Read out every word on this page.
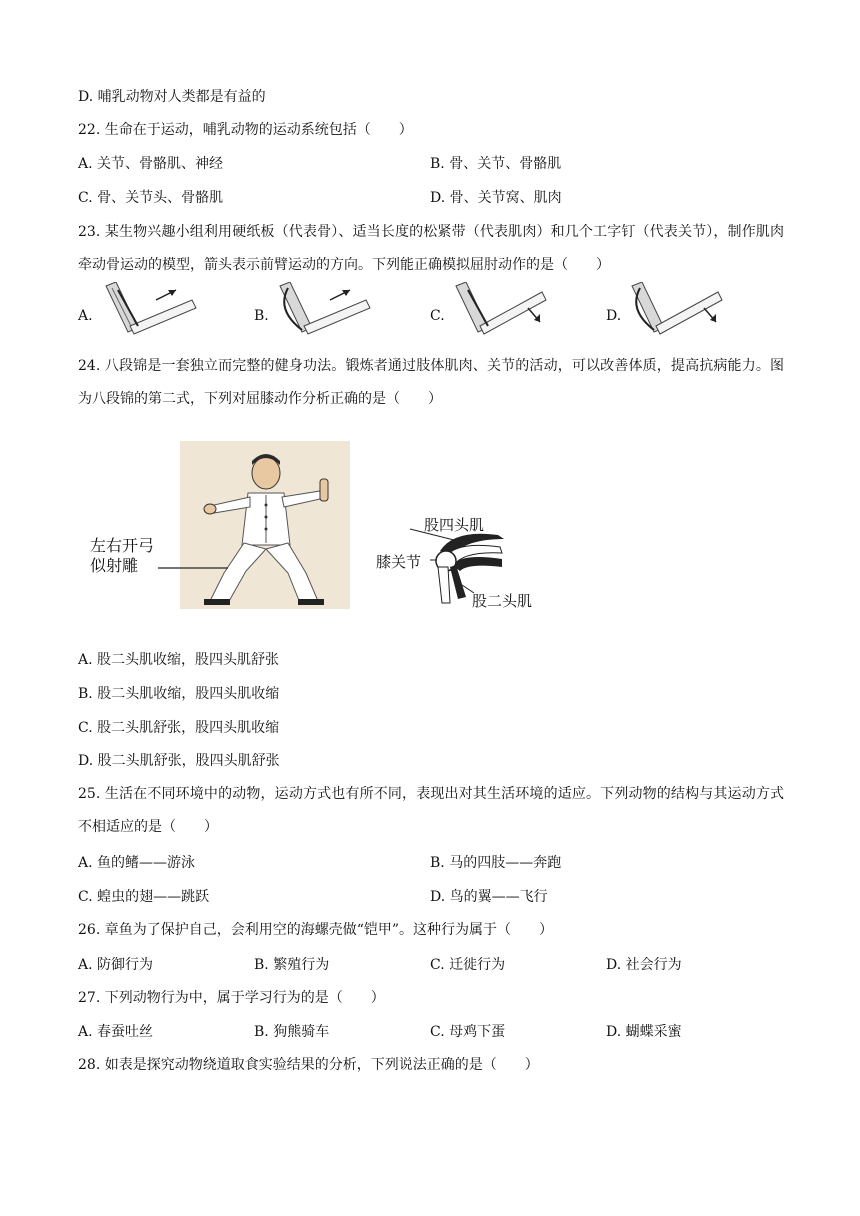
D. 哺乳动物对人类都是有益的
22. 生命在于运动，哺乳动物的运动系统包括（　　）
A. 关节、骨骼肌、神经	B. 骨、关节、骨骼肌
C. 骨、关节头、骨骼肌	D. 骨、关节窝、肌肉
23. 某生物兴趣小组利用硬纸板（代表骨）、适当长度的松紧带（代表肌肉）和几个工字钉（代表关节），制作肌肉牵动骨运动的模型，箭头表示前臂运动的方向。下列能正确模拟屈肘动作的是（　　）
A.	B.	C.	D.
24. 八段锦是一套独立而完整的健身功法。锻炼者通过肢体肌肉、关节的活动，可以改善体质，提高抗病能力。图为八段锦的第二式，下列对屈膝动作分析正确的是（　　）
左右开弓
似射雕
股四头肌
膝关节
股二头肌
A. 股二头肌收缩，股四头肌舒张
B. 股二头肌收缩，股四头肌收缩
C. 股二头肌舒张，股四头肌收缩
D. 股二头肌舒张，股四头肌舒张
25. 生活在不同环境中的动物，运动方式也有所不同，表现出对其生活环境的适应。下列动物的结构与其运动方式不相适应的是（　　）
A. 鱼的鳍——游泳	B. 马的四肢——奔跑
C. 蝗虫的翅——跳跃	D. 鸟的翼——飞行
26. 章鱼为了保护自己，会利用空的海螺壳做“铠甲”。这种行为属于（　　）
A. 防御行为	B. 繁殖行为	C. 迁徙行为	D. 社会行为
27. 下列动物行为中，属于学习行为的是（　　）
A. 春蚕吐丝	B. 狗熊骑车	C. 母鸡下蛋	D. 蝴蝶采蜜
28. 如表是探究动物绕道取食实验结果的分析，下列说法正确的是（　　）
